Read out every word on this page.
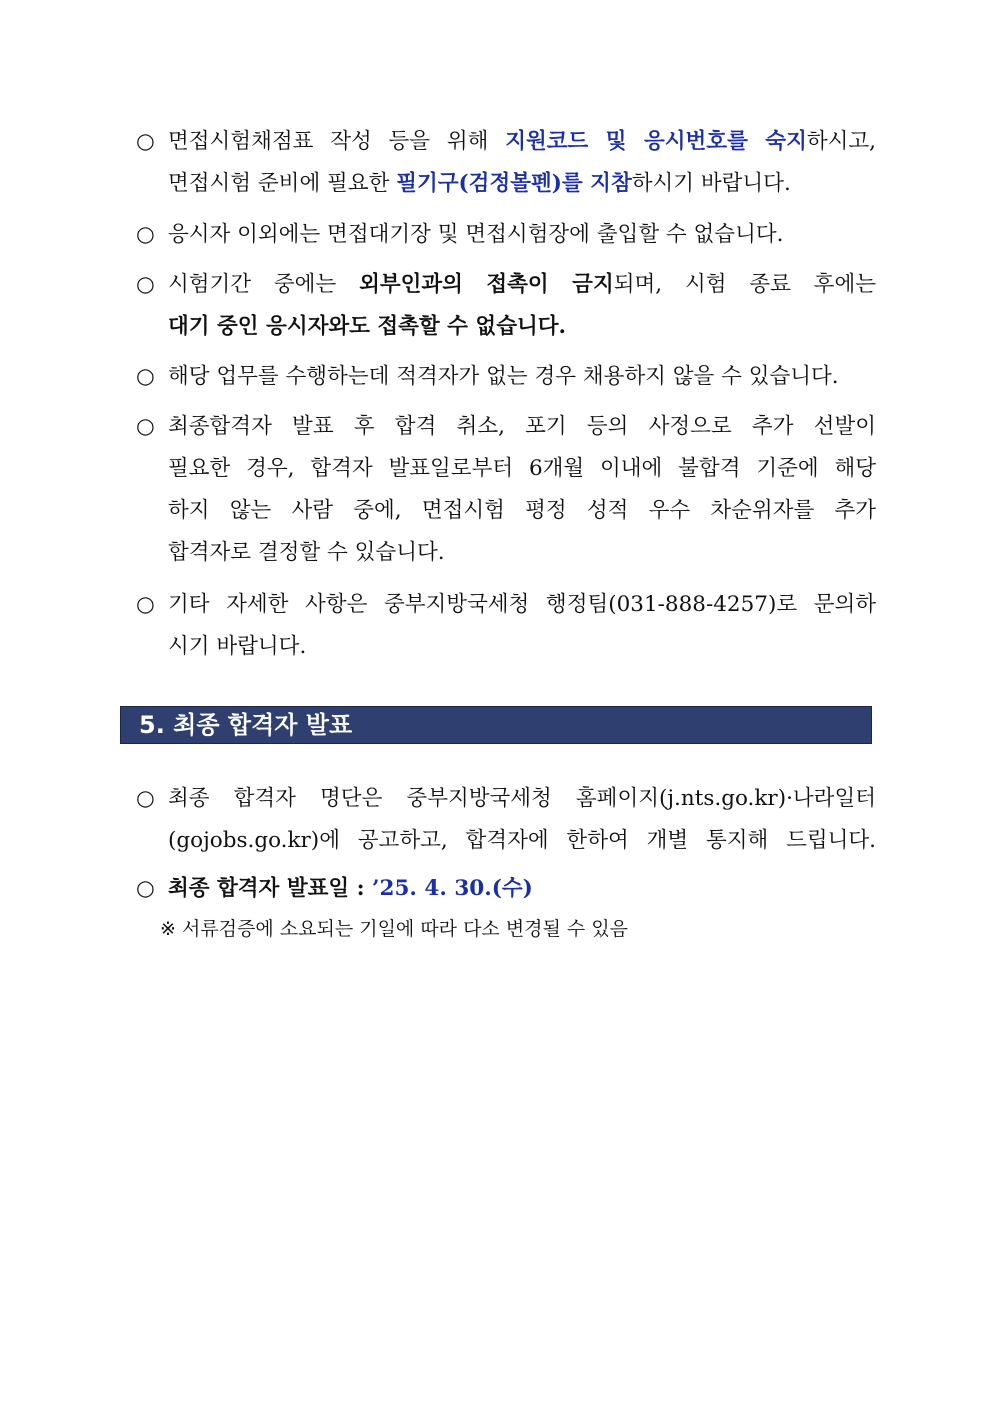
○ 면접시험채점표 작성 등을 위해 지원코드 및 응시번호를 숙지하시고,
면접시험 준비에 필요한 필기구(검정볼펜)를 지참하시기 바랍니다.
○ 응시자 이외에는 면접대기장 및 면접시험장에 출입할 수 없습니다.
○ 시험기간 중에는 외부인과의 접촉이 금지되며, 시험 종료 후에는
대기 중인 응시자와도 접촉할 수 없습니다.
○ 해당 업무를 수행하는데 적격자가 없는 경우 채용하지 않을 수 있습니다.
○ 최종합격자 발표 후 합격 취소, 포기 등의 사정으로 추가 선발이
필요한 경우, 합격자 발표일로부터 6개월 이내에 불합격 기준에 해당
하지 않는 사람 중에, 면접시험 평정 성적 우수 차순위자를 추가
합격자로 결정할 수 있습니다.
○ 기타 자세한 사항은 중부지방국세청 행정팀(031-888-4257)로 문의하
시기 바랍니다.
5. 최종 합격자 발표
○ 최종 합격자 명단은 중부지방국세청 홈페이지(j.nts.go.kr)·나라일터
(gojobs.go.kr)에 공고하고, 합격자에 한하여 개별 통지해 드립니다.
○ 최종 합격자 발표일 : ’25. 4. 30.(수)
※ 서류검증에 소요되는 기일에 따라 다소 변경될 수 있음
